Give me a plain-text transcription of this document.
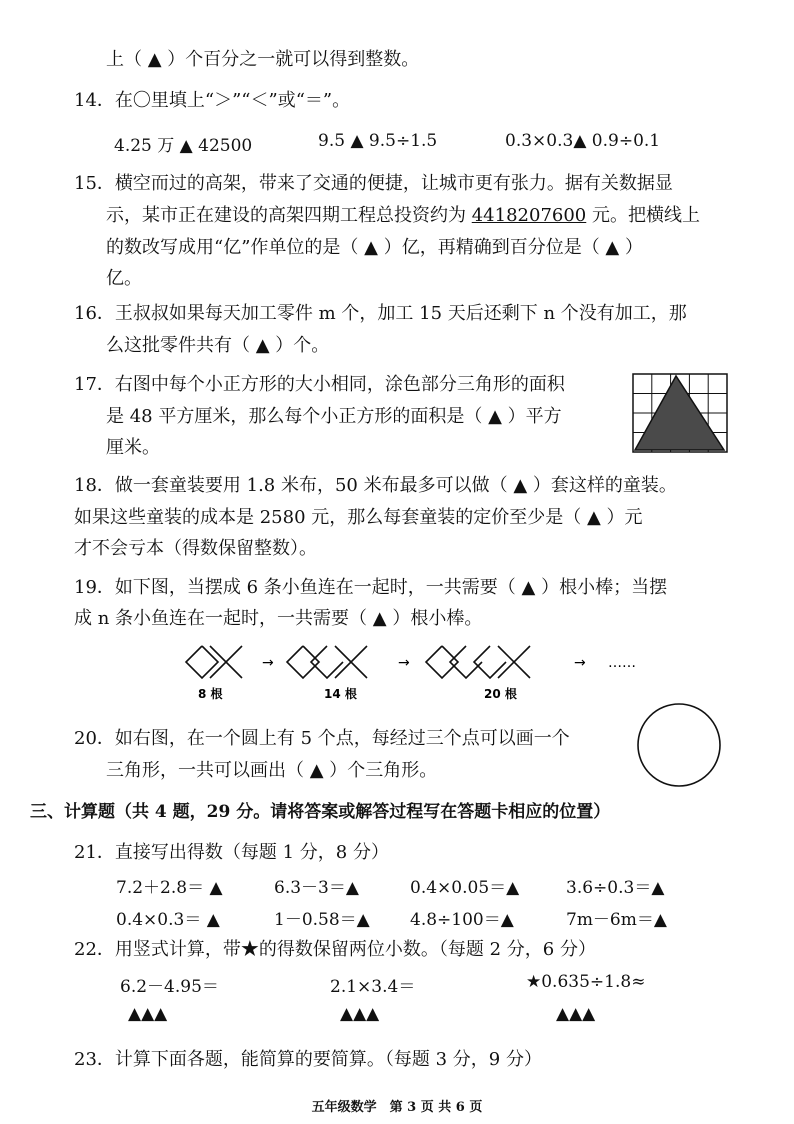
上（ ▲ ）个百分之一就可以得到整数。
14．在〇里填上“＞”“＜”或“＝”。
4.25 万 ▲ 42500	9.5 ▲ 9.5÷1.5	0.3×0.3▲ 0.9÷0.1
15．横空而过的高架，带来了交通的便捷，让城市更有张力。据有关数据显
示，某市正在建设的高架四期工程总投资约为 4418207600 元。把横线上
的数改写成用“亿”作单位的是（ ▲ ）亿，再精确到百分位是（ ▲ ）
亿。
16．王叔叔如果每天加工零件 m 个，加工 15 天后还剩下 n 个没有加工，那
么这批零件共有（ ▲ ）个。
17．右图中每个小正方形的大小相同，涂色部分三角形的面积
是 48 平方厘米，那么每个小正方形的面积是（ ▲ ）平方
厘米。
18．做一套童装要用 1.8 米布，50 米布最多可以做（ ▲ ）套这样的童装。
如果这些童装的成本是 2580 元，那么每套童装的定价至少是（ ▲ ）元
才不会亏本（得数保留整数）。
19．如下图，当摆成 6 条小鱼连在一起时，一共需要（ ▲ ）根小棒；当摆
成 n 条小鱼连在一起时，一共需要（ ▲ ）根小棒。
→	→	→ ……
8 根	14 根	20 根
20．如右图，在一个圆上有 5 个点，每经过三个点可以画一个
三角形，一共可以画出（ ▲ ）个三角形。
三、计算题（共 4 题，29 分。请将答案或解答过程写在答题卡相应的位置）
21．直接写出得数（每题 1 分，8 分）
7.2＋2.8＝ ▲	6.3－3＝▲	0.4×0.05＝▲	3.6÷0.3＝▲
0.4×0.3＝ ▲	1－0.58＝▲ 4.8÷100＝▲	7m－6m＝▲
22．用竖式计算，带★的得数保留两位小数。（每题 2 分，6 分）
6.2－4.95＝	2.1×3.4＝	★0.635÷1.8≈
▲▲▲	▲▲▲	▲▲▲
23．计算下面各题，能简算的要简算。（每题 3 分，9 分）
五年级数学　第 3 页 共 6 页
